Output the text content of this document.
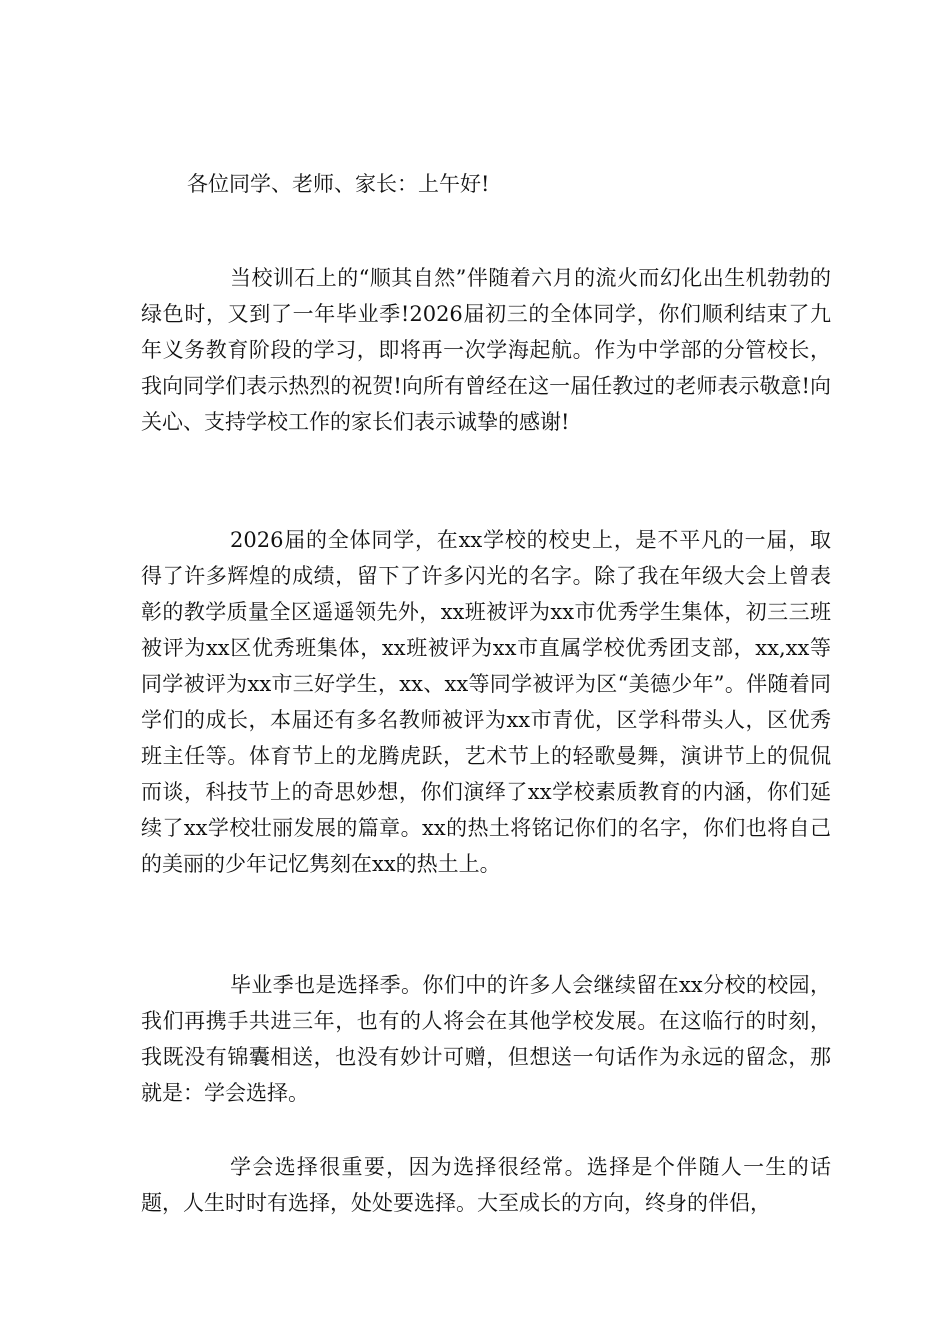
各位同学、老师、家长：上午好!

当校训石上的“顺其自然”伴随着六月的流火而幻化出生机勃勃的绿色时，又到了一年毕业季!2026届初三的全体同学，你们顺利结束了九年义务教育阶段的学习，即将再一次学海起航。作为中学部的分管校长，我向同学们表示热烈的祝贺!向所有曾经在这一届任教过的老师表示敬意!向关心、支持学校工作的家长们表示诚挚的感谢!

2026届的全体同学，在xx学校的校史上，是不平凡的一届，取得了许多辉煌的成绩，留下了许多闪光的名字。除了我在年级大会上曾表彰的教学质量全区遥遥领先外，xx班被评为xx市优秀学生集体，初三三班被评为xx区优秀班集体，xx班被评为xx市直属学校优秀团支部，xx,xx等同学被评为xx市三好学生，xx、xx等同学被评为区“美德少年”。伴随着同学们的成长，本届还有多名教师被评为xx市青优，区学科带头人，区优秀班主任等。体育节上的龙腾虎跃，艺术节上的轻歌曼舞，演讲节上的侃侃而谈，科技节上的奇思妙想，你们演绎了xx学校素质教育的内涵，你们延续了xx学校壮丽发展的篇章。xx的热土将铭记你们的名字，你们也将自己的美丽的少年记忆隽刻在xx的热土上。

毕业季也是选择季。你们中的许多人会继续留在xx分校的校园，我们再携手共进三年，也有的人将会在其他学校发展。在这临行的时刻，我既没有锦囊相送，也没有妙计可赠，但想送一句话作为永远的留念，那就是：学会选择。

学会选择很重要，因为选择很经常。选择是个伴随人一生的话题，人生时时有选择，处处要选择。大至成长的方向，终身的伴侣，
